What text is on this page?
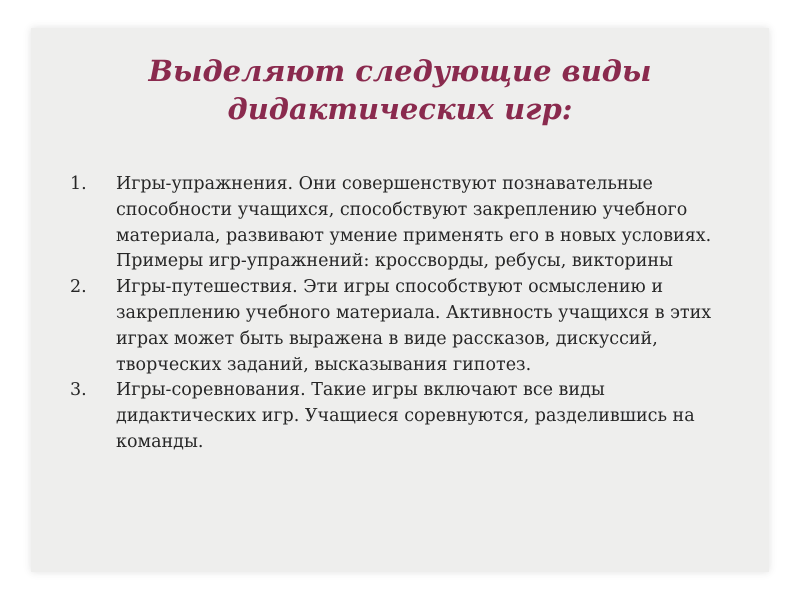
Выделяют следующие виды
дидактических игр:
1. Игры-упражнения. Они совершенствуют познавательные способности учащихся, способствуют закреплению учебного материала, развивают умение применять его в новых условиях. Примеры игр-упражнений: кроссворды, ребусы, викторины
2. Игры-путешествия. Эти игры способствуют осмыслению и закреплению учебного материала. Активность учащихся в этих играх может быть выражена в виде рассказов, дискуссий, творческих заданий, высказывания гипотез.
3. Игры-соревнования. Такие игры включают все виды дидактических игр. Учащиеся соревнуются, разделившись на команды.
